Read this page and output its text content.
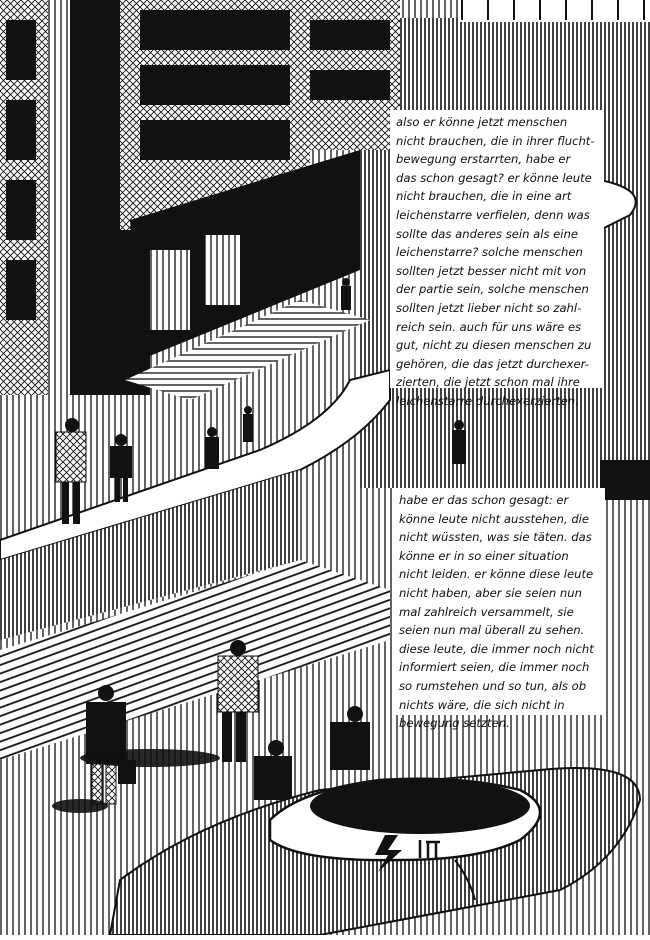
also er könne jetzt menschen
nicht brauchen, die in ihrer flucht-
bewegung erstarrten, habe er
das schon gesagt? er könne leute
nicht brauchen, die in eine art
leichenstarre verfielen, denn was
sollte das anderes sein als eine
leichenstarre? solche menschen
sollten jetzt besser nicht mit von
der partie sein, solche menschen
sollten jetzt lieber nicht so zahl-
reich sein. auch für uns wäre es
gut, nicht zu diesen menschen zu
gehören, die das jetzt durchexer-
zierten, die jetzt schon mal ihre
leichenstarre durchexerzierten.
habe er das schon gesagt: er
könne leute nicht ausstehen, die
nicht wüssten, was sie täten. das
könne er in so einer situation
nicht leiden. er könne diese leute
nicht haben, aber sie seien nun
mal zahlreich versammelt, sie
seien nun mal überall zu sehen.
diese leute, die immer noch nicht
informiert seien, die immer noch
so rumstehen und so tun, als ob
nichts wäre, die sich nicht in
bewegung setzten.
